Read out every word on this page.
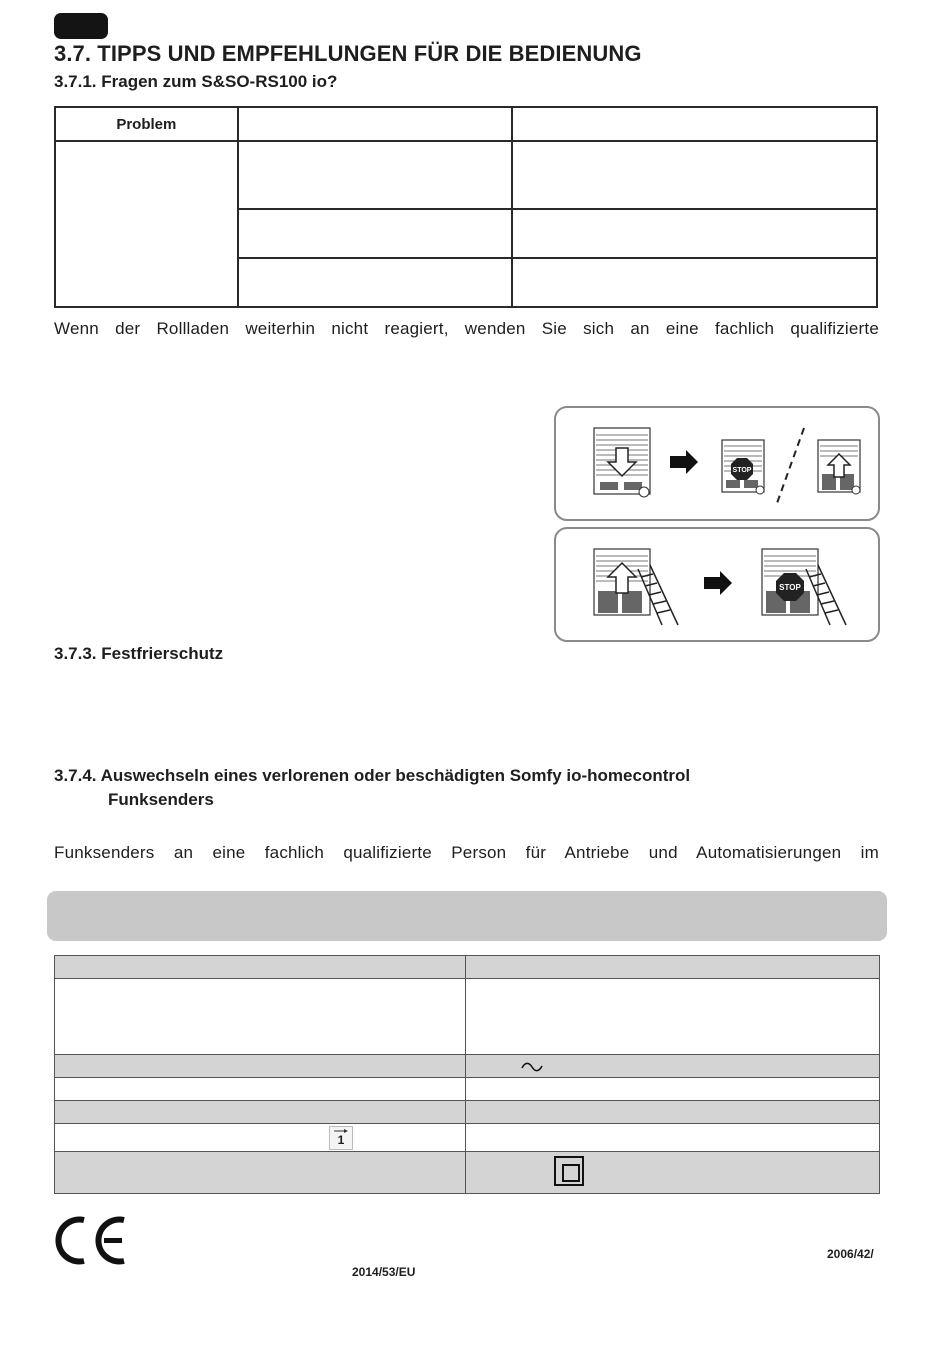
3.7. TIPPS UND EMPFEHLUNGEN FÜR DIE BEDIENUNG
3.7.1. Fragen zum S&SO-RS100 io?
Problem		

Wenn der Rollladen weiterhin nicht reagiert, wenden Sie sich an eine fachlich qualifizierte
STOP
STOP
3.7.3. Festfrierschutz
3.7.4. Auswechseln eines verlorenen oder beschädigten Somfy io-homecontrol
Funksenders
Funksenders an eine fachlich qualifizierte Person für Antriebe und Automatisierungen im

1	

2006/42/
2014/53/EU
